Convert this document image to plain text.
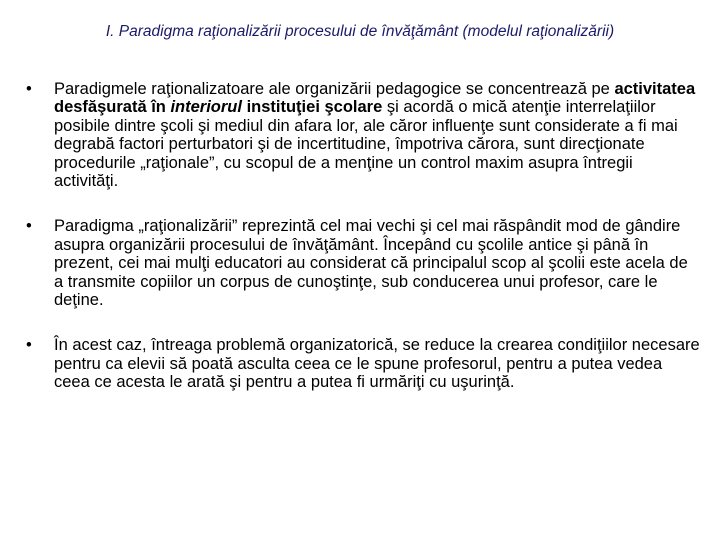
I. Paradigma raţionalizării procesului de învăţământ (modelul raţionalizării)
• Paradigmele raţionalizatoare ale organizării pedagogice se concentrează pe activitatea desfăşurată în interiorul instituţiei şcolare şi acordă o mică atenţie interrelaţiilor posibile dintre şcoli şi mediul din afara lor, ale căror influenţe sunt considerate a fi mai degrabă factori perturbatori şi de incertitudine, împotriva cărora, sunt direcţionate procedurile „raţionale”, cu scopul de a menţine un control maxim asupra întregii activităţi.
• Paradigma „raţionalizării” reprezintă cel mai vechi şi cel mai răspândit mod de gândire asupra organizării procesului de învăţământ. Începând cu şcolile antice şi până în prezent, cei mai mulţi educatori au considerat că principalul scop al şcolii este acela de a transmite copiilor un corpus de cunoştinţe, sub conducerea unui profesor, care le deţine.
• În acest caz, întreaga problemă organizatorică, se reduce la crearea condiţiilor necesare pentru ca elevii să poată asculta ceea ce le spune profesorul, pentru a putea vedea ceea ce acesta le arată şi pentru a putea fi urmăriţi cu uşurinţă.
